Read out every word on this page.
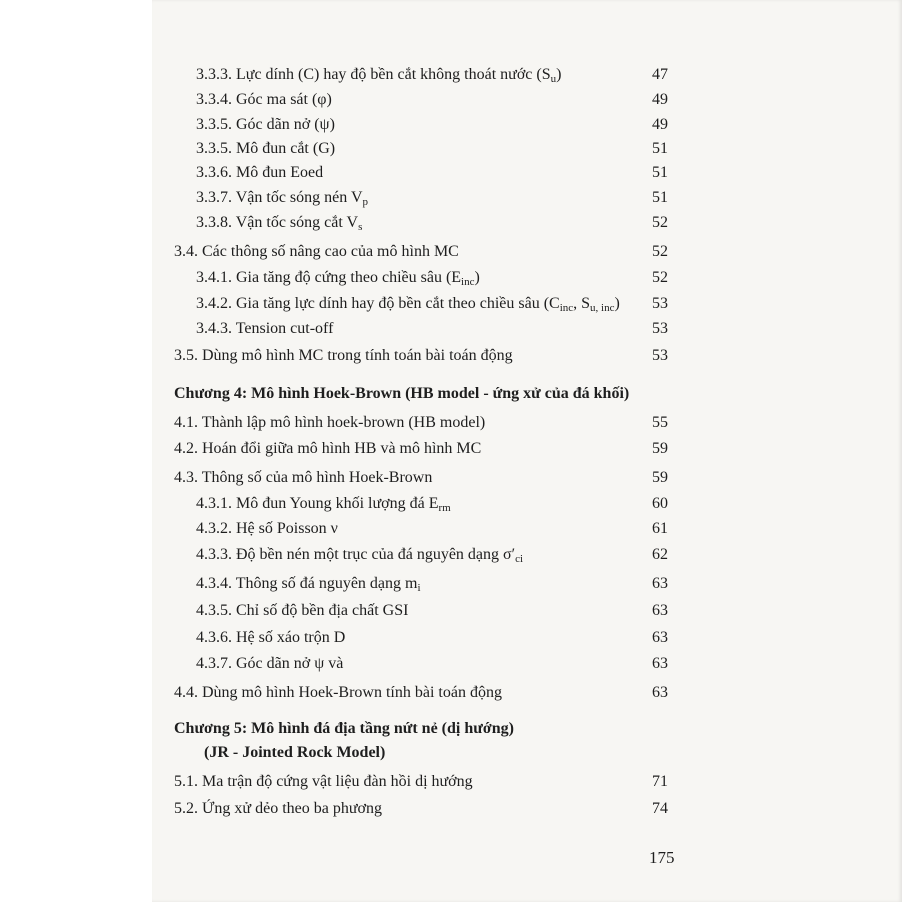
3.3.3. Lực dính (C) hay độ bền cắt không thoát nước (Su)	47
3.3.4. Góc ma sát (φ)	49
3.3.5. Góc dãn nở (ψ)	49
3.3.5. Mô đun cắt (G)	51
3.3.6. Mô đun Eoed	51
3.3.7. Vận tốc sóng nén Vp	51
3.3.8. Vận tốc sóng cắt Vs	52
3.4. Các thông số nâng cao của mô hình MC	52
3.4.1. Gia tăng độ cứng theo chiều sâu (Einc)	52
3.4.2. Gia tăng lực dính hay độ bền cắt theo chiều sâu (Cinc, Su, inc) 53
3.4.3. Tension cut-off	53
3.5. Dùng mô hình MC trong tính toán bài toán động	53
Chương 4: Mô hình Hoek-Brown (HB model - ứng xử của đá khối)
4.1. Thành lập mô hình hoek-brown (HB model)	55
4.2. Hoán đổi giữa mô hình HB và mô hình MC	59
4.3. Thông số của mô hình Hoek-Brown	59
4.3.1. Mô đun Young khối lượng đá Erm	60
4.3.2. Hệ số Poisson ν	61
4.3.3. Độ bền nén một trục của đá nguyên dạng σ′ci	62
4.3.4. Thông số đá nguyên dạng mi	63
4.3.5. Chỉ số độ bền địa chất GSI	63
4.3.6. Hệ số xáo trộn D	63
4.3.7. Góc dãn nở ψ và	63
4.4. Dùng mô hình Hoek-Brown tính bài toán động	63
Chương 5: Mô hình đá địa tầng nứt nẻ (dị hướng)
(JR - Jointed Rock Model)
5.1. Ma trận độ cứng vật liệu đàn hồi dị hướng	71
5.2. Ứng xử dẻo theo ba phương	74
175
